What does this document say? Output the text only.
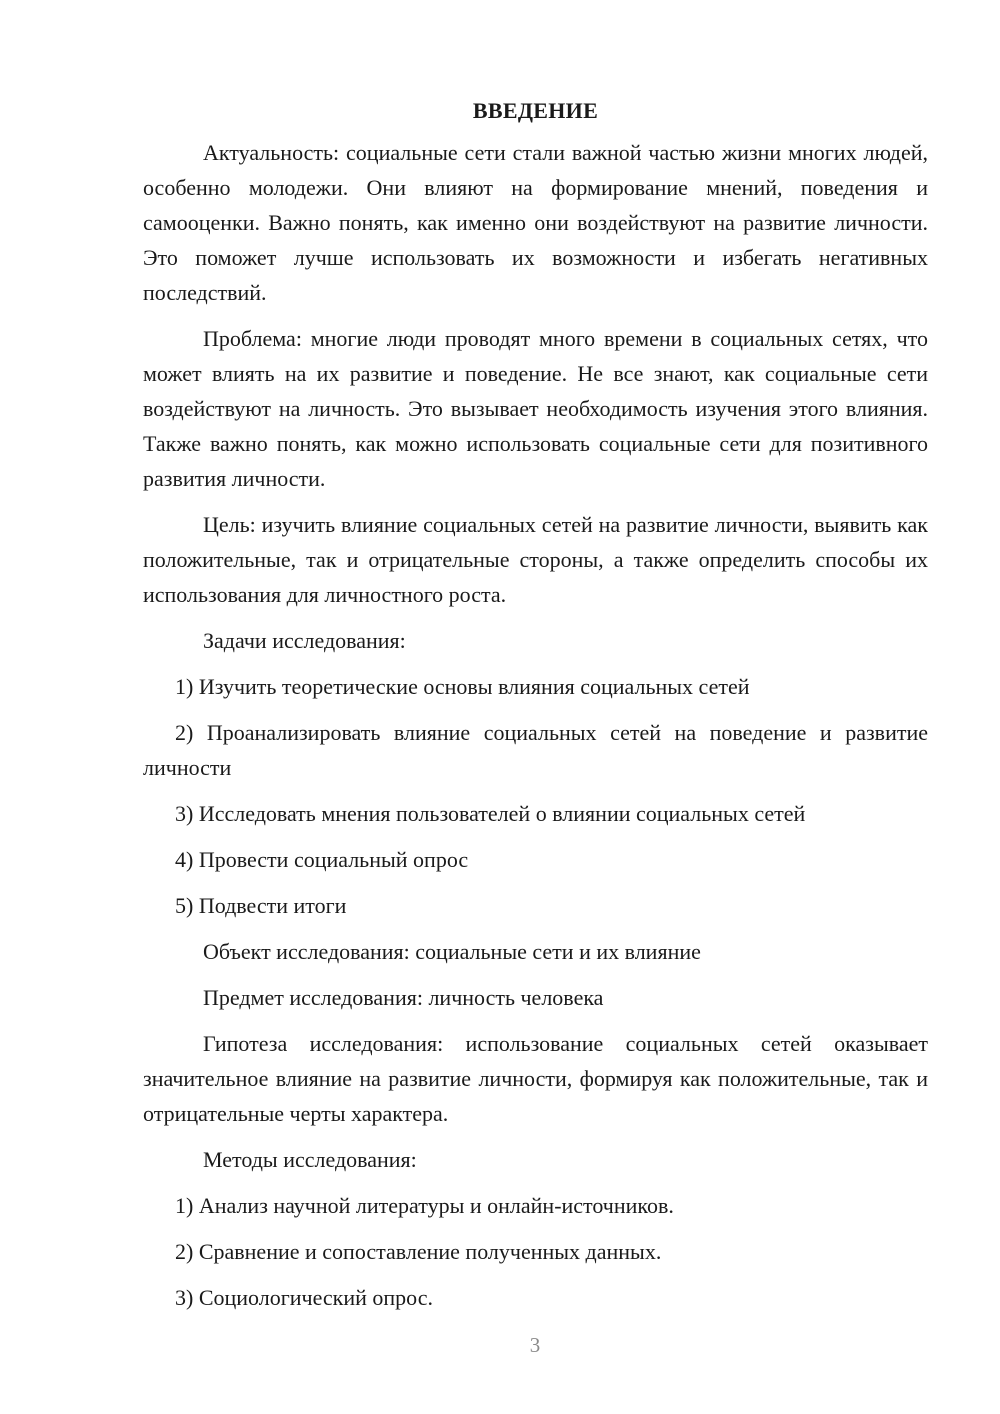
ВВЕДЕНИЕ

Актуальность: социальные сети стали важной частью жизни многих людей, особенно молодежи. Они влияют на формирование мнений, поведения и самооценки. Важно понять, как именно они воздействуют на развитие личности. Это поможет лучше использовать их возможности и избегать негативных последствий.

Проблема: многие люди проводят много времени в социальных сетях, что может влиять на их развитие и поведение. Не все знают, как социальные сети воздействуют на личность. Это вызывает необходимость изучения этого влияния. Также важно понять, как можно использовать социальные сети для позитивного развития личности.

Цель: изучить влияние социальных сетей на развитие личности, выявить как положительные, так и отрицательные стороны, а также определить способы их использования для личностного роста.

Задачи исследования:

1) Изучить теоретические основы влияния социальных сетей

2) Проанализировать влияние социальных сетей на поведение и развитие личности

3) Исследовать мнения пользователей о влиянии социальных сетей

4) Провести социальный опрос

5) Подвести итоги

Объект исследования: социальные сети и их влияние

Предмет исследования: личность человека

Гипотеза исследования: использование социальных сетей оказывает значительное влияние на развитие личности, формируя как положительные, так и отрицательные черты характера.

Методы исследования:

1) Анализ научной литературы и онлайн-источников.

2) Сравнение и сопоставление полученных данных.

3) Социологический опрос.

3
